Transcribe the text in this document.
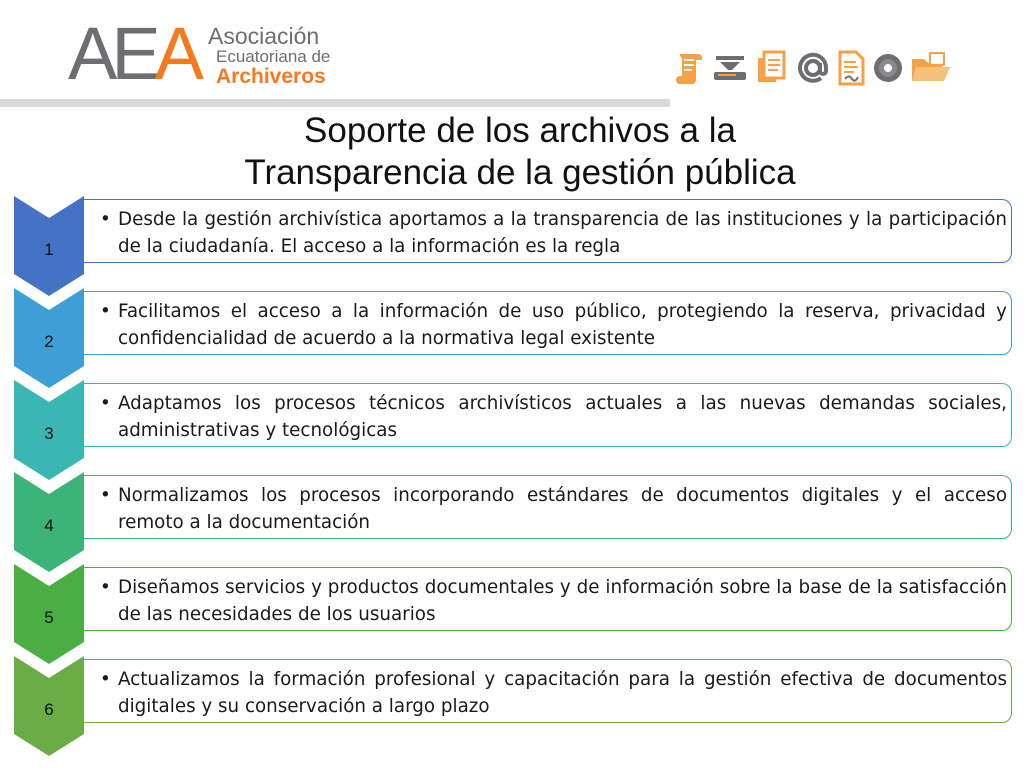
AEA Asociación
Ecuatoriana de
Archiveros
Soporte de los archivos a la
Transparencia de la gestión pública
1
• Desde la gestión archivística aportamos a la transparencia de las instituciones y la participación de la ciudadanía. El acceso a la información es la regla
2
• Facilitamos el acceso a la información de uso público, protegiendo la reserva, privacidad y confidencialidad de acuerdo a la normativa legal existente
3
• Adaptamos los procesos técnicos archivísticos actuales a las nuevas demandas sociales, administrativas y tecnológicas
4
• Normalizamos los procesos incorporando estándares de documentos digitales y el acceso remoto a la documentación
5
• Diseñamos servicios y productos documentales y de información sobre la base de la satisfacción de las necesidades de los usuarios
6
• Actualizamos la formación profesional y capacitación para la gestión efectiva de documentos digitales y su conservación a largo plazo
